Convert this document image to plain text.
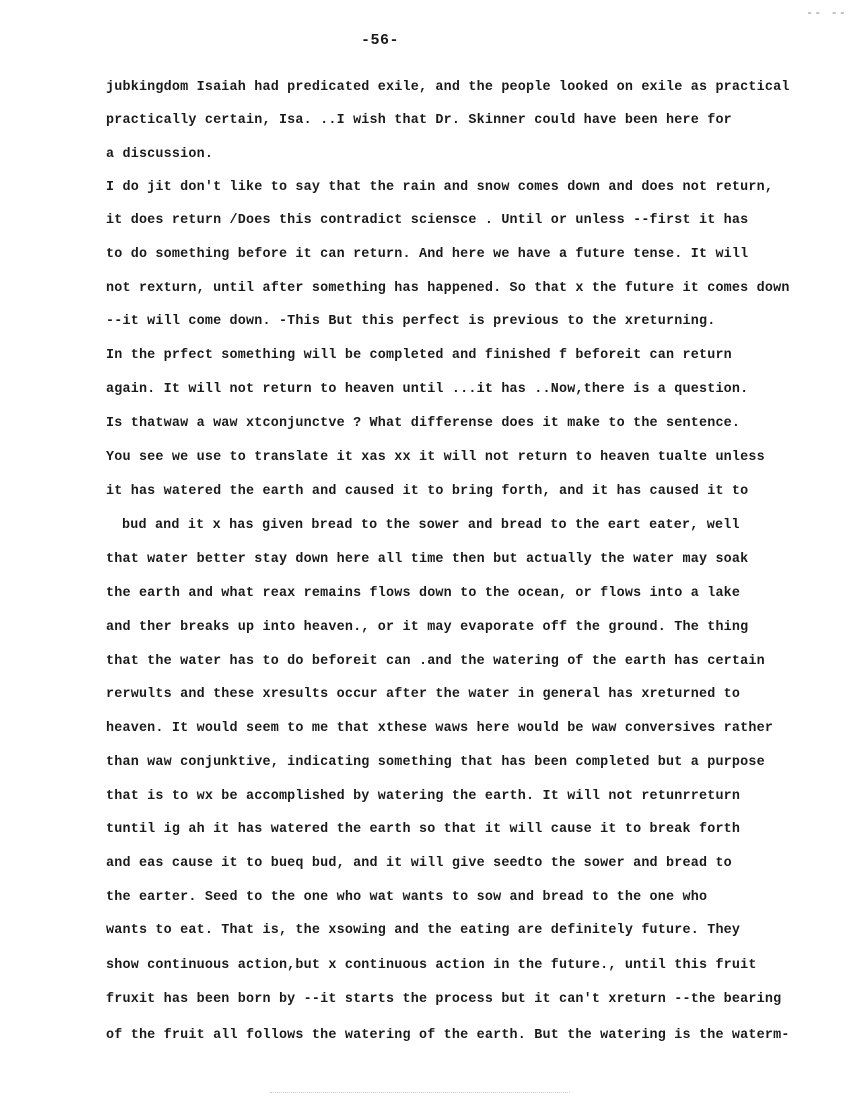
-- --
-56-
jubkingdom Isaiah had predicated exile, and the people looked on exile as practical
practically certain, Isa. ..I wish that Dr. Skinner could have been here for
a discussion.
I do jit don't like to say that the rain and snow comes down and does not return,
it does return /Does this contradict sciensce . Until or unless --first it has
to do something before it can return. And here we have a future tense. It will
not rexturn, until after something has happened. So that x the future it comes down
--it will come down. -This But this perfect is previous to the xreturning.
In the prfect something will be completed and finished f beforeit can return
again. It will not return to heaven until ...it has ..Now,there is a question.
Is thatwaw a waw xtconjunctve ? What differense does it make to the sentence.
You see we use to translate it xas xx it will not return to heaven tualte unless
it has watered the earth and caused it to bring forth, and it has caused it to
bud and it x has given bread to the sower and bread to the eart eater, well
that water better stay down here all time then but actually the water may soak
the earth and what reax remains flows down to the ocean, or flows into a lake
and ther breaks up into heaven., or it may evaporate off the ground. The thing
that the water has to do beforeit can .and the watering of the earth has certain
rerwults and these xresults occur after the water in general has xreturned to
heaven. It would seem to me that xthese waws here would be waw conversives rather
than waw conjunktive, indicating something that has been completed but a purpose
that is to wx be accomplished by watering the earth. It will not retunrreturn
tuntil ig ah it has watered the earth so that it will cause it to break forth
and eas cause it to bueq bud, and it will give seedto the sower and bread to
the earter. Seed to the one who wat wants to sow and bread to the one who
wants to eat. That is, the xsowing and the eating are definitely future. They
show continuous action,but x continuous action in the future., until this fruit
fruxit has been born by --it starts the process but it can't xreturn --the bearing
of the fruit all follows the watering of the earth. But the watering is the waterm-
